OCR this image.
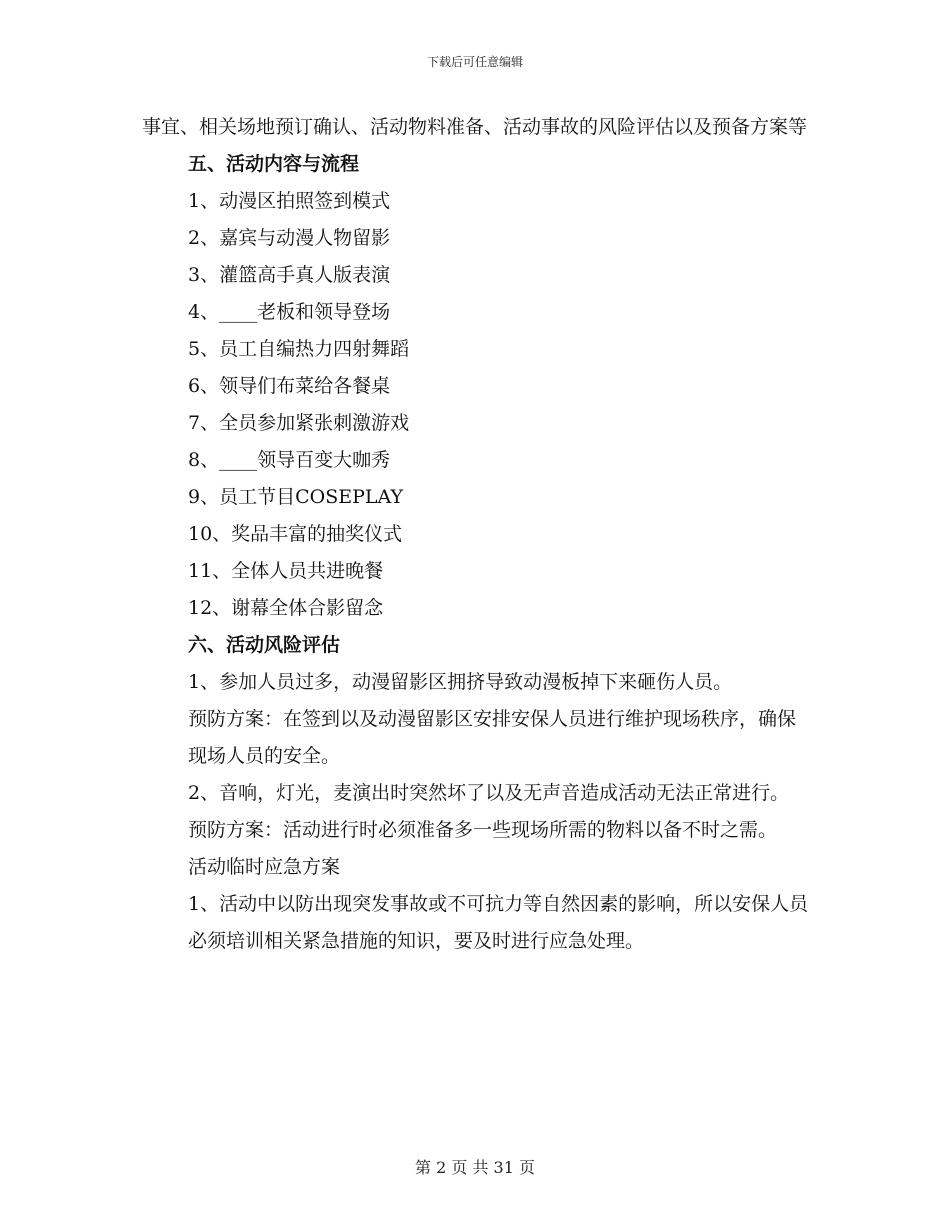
下载后可任意编辑

事宜、相关场地预订确认、活动物料准备、活动事故的风险评估以及预备方案等

五、活动内容与流程

1、动漫区拍照签到模式

2、嘉宾与动漫人物留影

3、灌篮高手真人版表演

4、____老板和领导登场

5、员工自编热力四射舞蹈

6、领导们布菜给各餐桌

7、全员参加紧张刺激游戏

8、____领导百变大咖秀

9、员工节目COSEPLAY

10、奖品丰富的抽奖仪式

11、全体人员共进晚餐

12、谢幕全体合影留念

六、活动风险评估

1、参加人员过多，动漫留影区拥挤导致动漫板掉下来砸伤人员。

预防方案：在签到以及动漫留影区安排安保人员进行维护现场秩序，确保现场人员的安全。

2、音响，灯光，麦演出时突然坏了以及无声音造成活动无法正常进行。

预防方案：活动进行时必须准备多一些现场所需的物料以备不时之需。

活动临时应急方案

1、活动中以防出现突发事故或不可抗力等自然因素的影响，所以安保人员必须培训相关紧急措施的知识，要及时进行应急处理。

第 2 页 共 31 页
